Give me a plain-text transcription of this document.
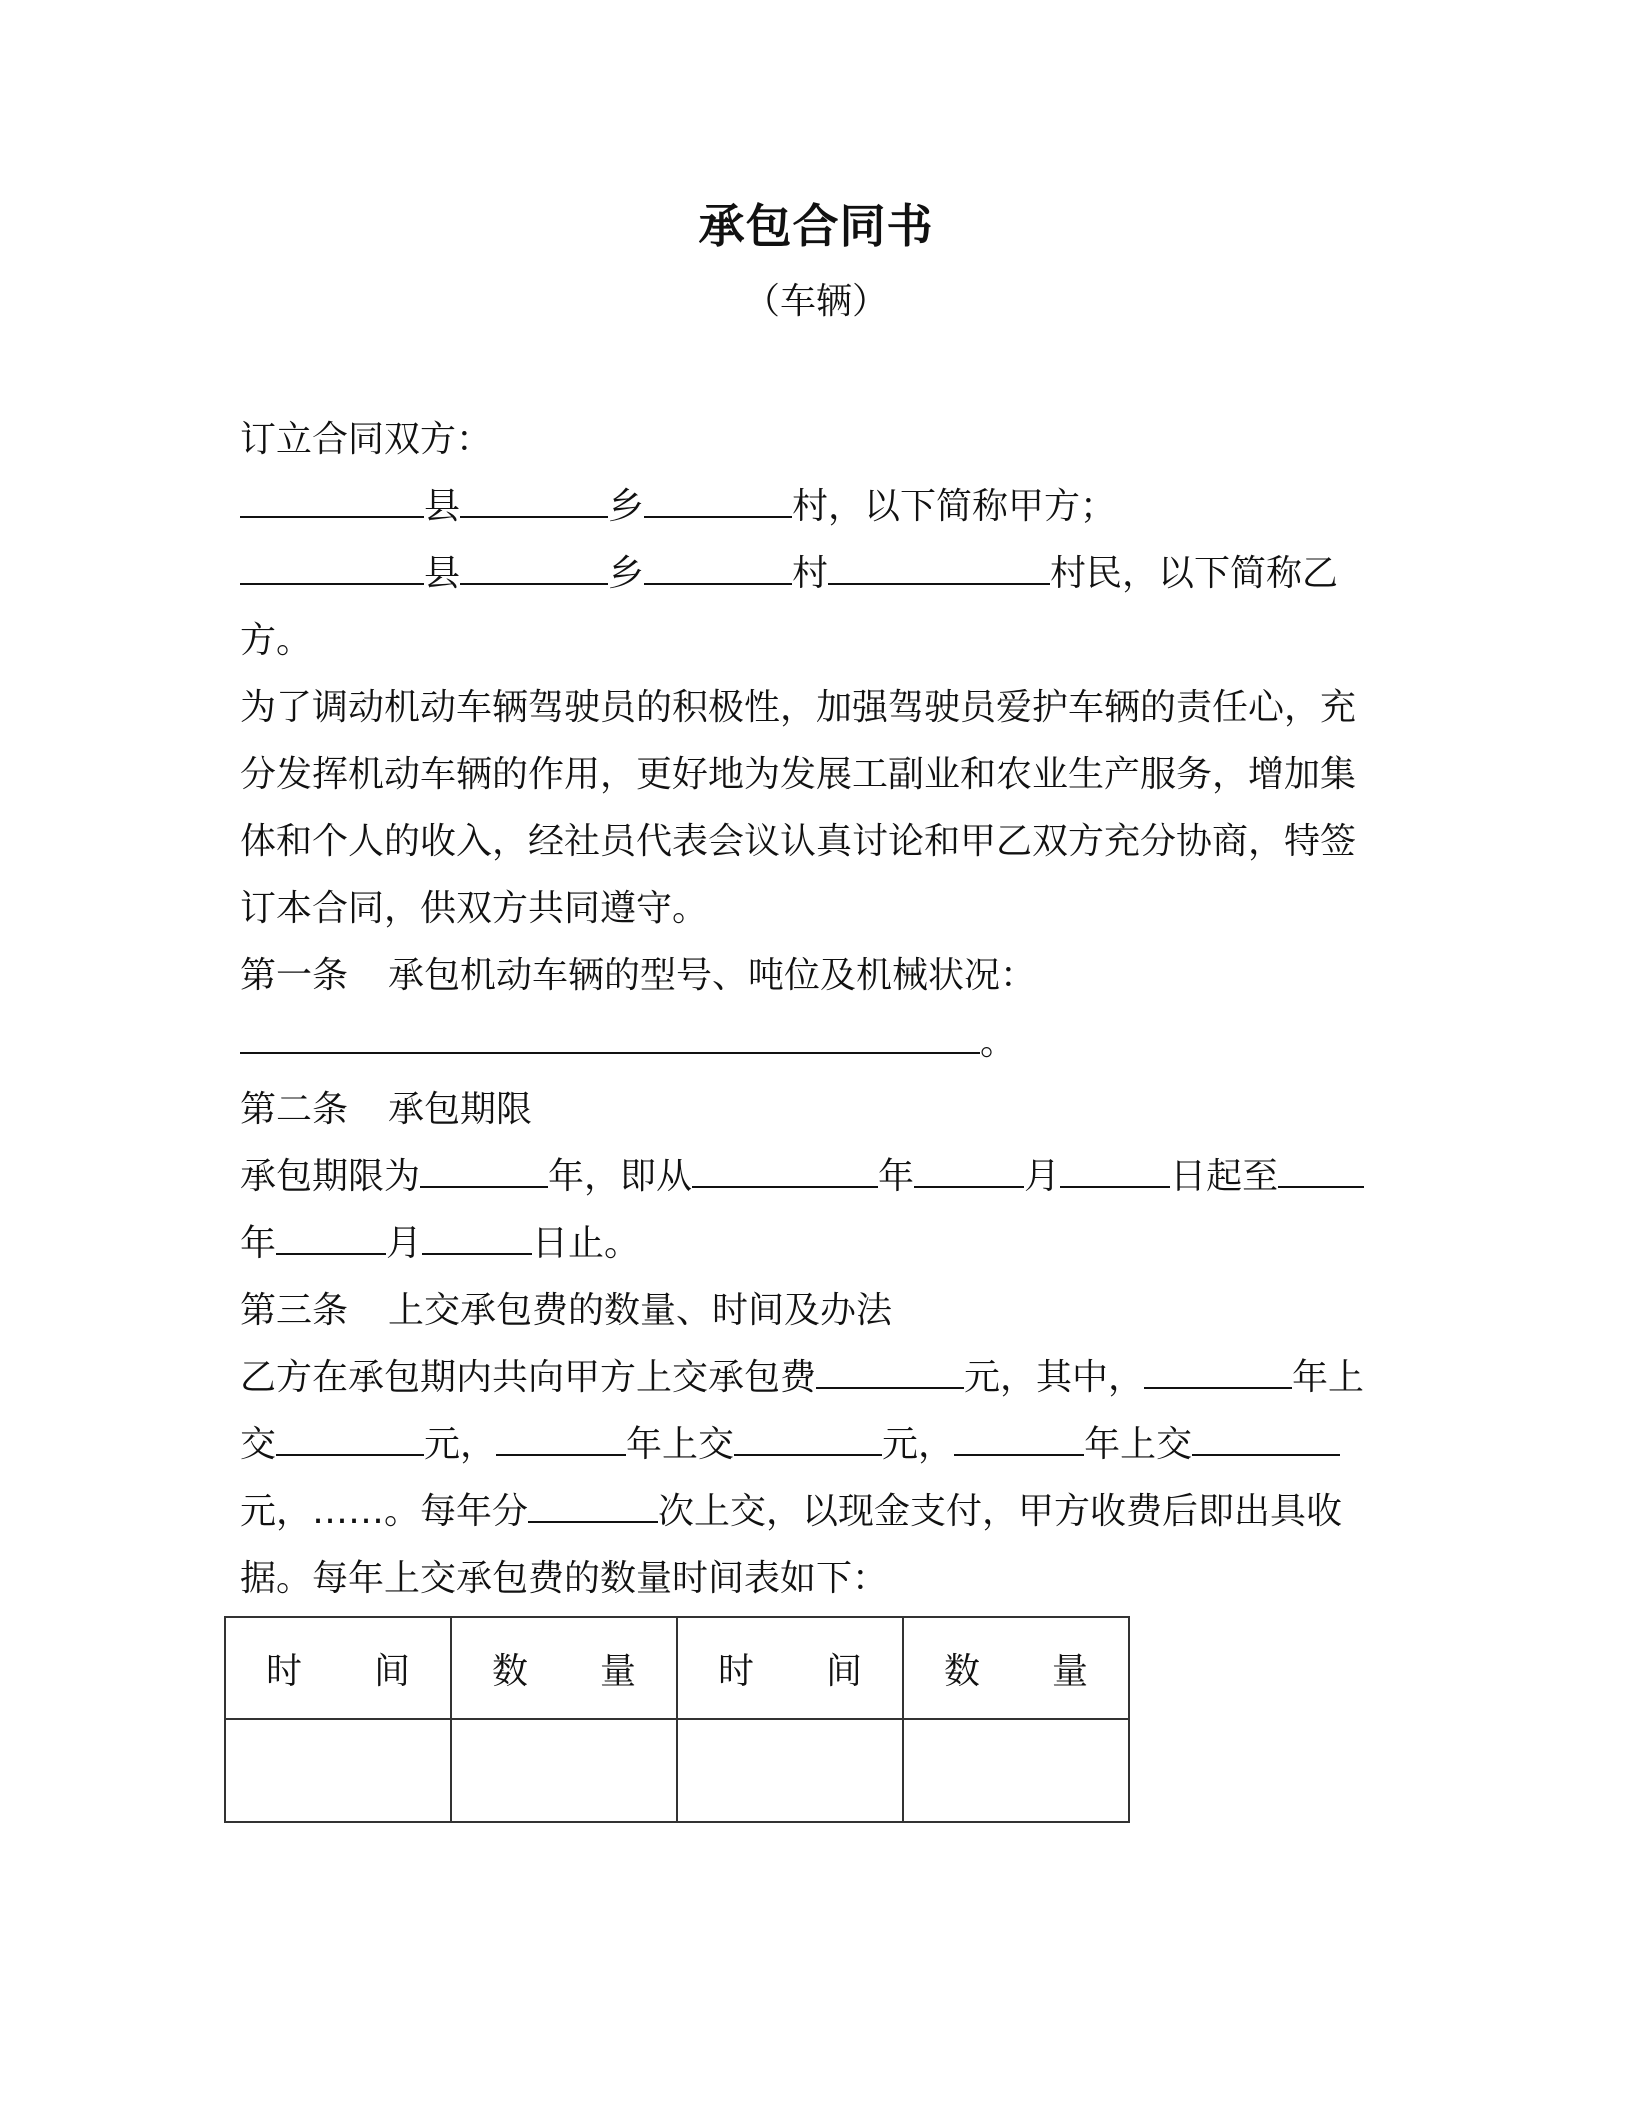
承包合同书
（车辆）
订立合同双方：
县	乡	村，以下简称甲方；
县	乡	村	村民，以下简称乙
方。
为了调动机动车辆驾驶员的积极性，加强驾驶员爱护车辆的责任心，充
分发挥机动车辆的作用，更好地为发展工副业和农业生产服务，增加集
体和个人的收入，经社员代表会议认真讨论和甲乙双方充分协商，特签
订本合同，供双方共同遵守。
第一条 承包机动车辆的型号、吨位及机械状况：
。
第二条 承包期限
承包期限为	年，即从	年	月	日起至
年	月	日止。
第三条 上交承包费的数量、时间及办法
乙方在承包期内共向甲方上交承包费	元，其中，	年上
交	元，	年上交	元，	年上交
元，……。每年分	次上交，以现金支付，甲方收费后即出具收
据。每年上交承包费的数量时间表如下：
时 间	数 量	时 间	数 量
